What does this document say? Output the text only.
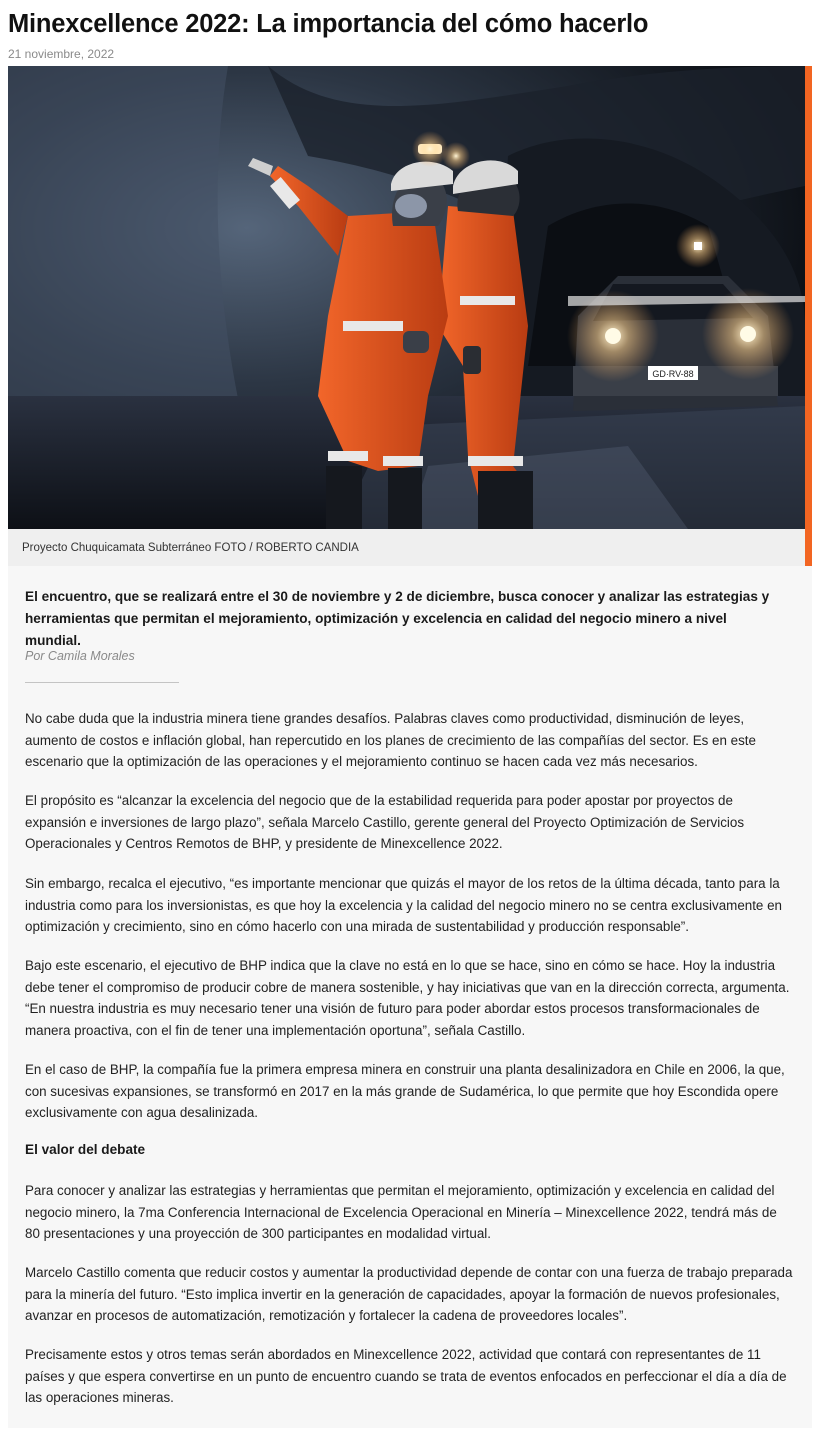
Minexcellence 2022: La importancia del cómo hacerlo
21 noviembre, 2022
GD·RV-88
Proyecto Chuquicamata Subterráneo FOTO / ROBERTO CANDIA

El encuentro, que se realizará entre el 30 de noviembre y 2 de diciembre, busca conocer y analizar las estrategias y herramientas que permitan el mejoramiento, optimización y excelencia en calidad del negocio minero a nivel mundial.

Por Camila Morales

No cabe duda que la industria minera tiene grandes desafíos. Palabras claves como productividad, disminución de leyes, aumento de costos e inflación global, han repercutido en los planes de crecimiento de las compañías del sector. Es en este escenario que la optimización de las operaciones y el mejoramiento continuo se hacen cada vez más necesarios.

El propósito es “alcanzar la excelencia del negocio que de la estabilidad requerida para poder apostar por proyectos de expansión e inversiones de largo plazo”, señala Marcelo Castillo, gerente general del Proyecto Optimización de Servicios Operacionales y Centros Remotos de BHP, y presidente de Minexcellence 2022.

Sin embargo, recalca el ejecutivo, “es importante mencionar que quizás el mayor de los retos de la última década, tanto para la industria como para los inversionistas, es que hoy la excelencia y la calidad del negocio minero no se centra exclusivamente en optimización y crecimiento, sino en cómo hacerlo con una mirada de sustentabilidad y producción responsable”.

Bajo este escenario, el ejecutivo de BHP indica que la clave no está en lo que se hace, sino en cómo se hace. Hoy la industria debe tener el compromiso de producir cobre de manera sostenible, y hay iniciativas que van en la dirección correcta, argumenta. “En nuestra industria es muy necesario tener una visión de futuro para poder abordar estos procesos transformacionales de manera proactiva, con el fin de tener una implementación oportuna”, señala Castillo.

En el caso de BHP, la compañía fue la primera empresa minera en construir una planta desalinizadora en Chile en 2006, la que, con sucesivas expansiones, se transformó en 2017 en la más grande de Sudamérica, lo que permite que hoy Escondida opere exclusivamente con agua desalinizada.

El valor del debate

Para conocer y analizar las estrategias y herramientas que permitan el mejoramiento, optimización y excelencia en calidad del negocio minero, la 7ma Conferencia Internacional de Excelencia Operacional en Minería – Minexcellence 2022, tendrá más de 80 presentaciones y una proyección de 300 participantes en modalidad virtual.

Marcelo Castillo comenta que reducir costos y aumentar la productividad depende de contar con una fuerza de trabajo preparada para la minería del futuro. “Esto implica invertir en la generación de capacidades, apoyar la formación de nuevos profesionales, avanzar en procesos de automatización, remotización y fortalecer la cadena de proveedores locales”.

Precisamente estos y otros temas serán abordados en Minexcellence 2022, actividad que contará con representantes de 11 países y que espera convertirse en un punto de encuentro cuando se trata de eventos enfocados en perfeccionar el día a día de las operaciones mineras.
